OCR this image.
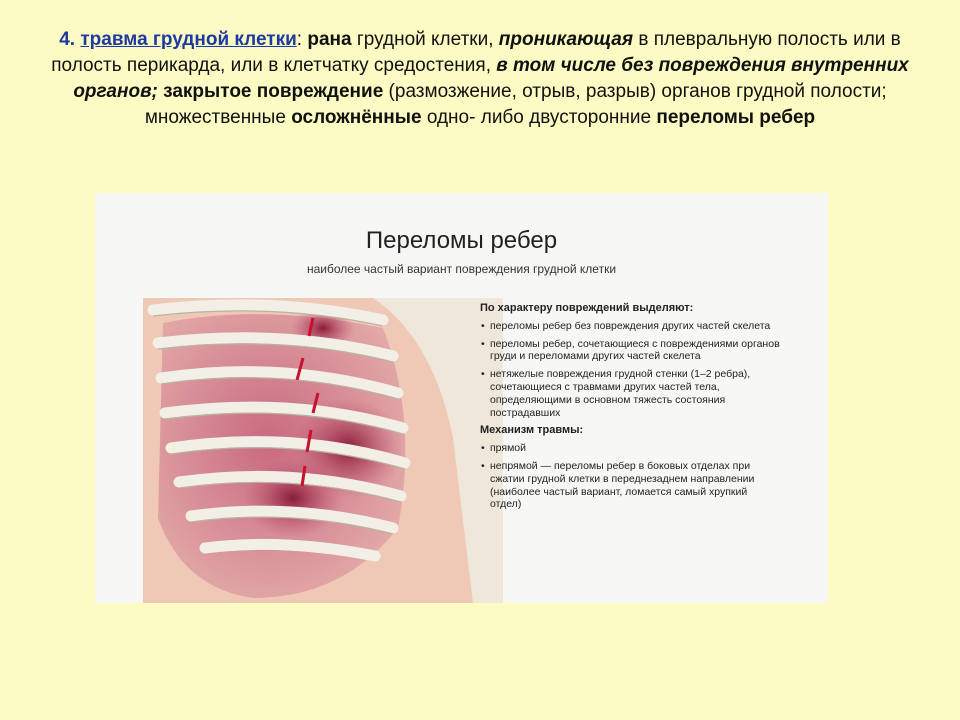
4. травма грудной клетки: рана грудной клетки, проникающая в плевральную полость или в полость перикарда, или в клетчатку средостения, в том числе без повреждения внутренних органов; закрытое повреждение (размозжение, отрыв, разрыв) органов грудной полости; множественные осложнённые одно- либо двусторонние переломы ребер
Переломы ребер
наиболее частый вариант повреждения грудной клетки
По характеру повреждений выделяют:
• переломы ребер без повреждения других частей скелета
• переломы ребер, сочетающиеся с повреждениями органов груди и переломами других частей скелета
• нетяжелые повреждения грудной стенки (1–2 ребра), сочетающиеся с травмами других частей тела, определяющими в основном тяжесть состояния пострадавших
Механизм травмы:
• прямой
• непрямой — переломы ребер в боковых отделах при сжатии грудной клетки в переднезаднем направлении (наиболее частый вариант, ломается самый хрупкий отдел)
